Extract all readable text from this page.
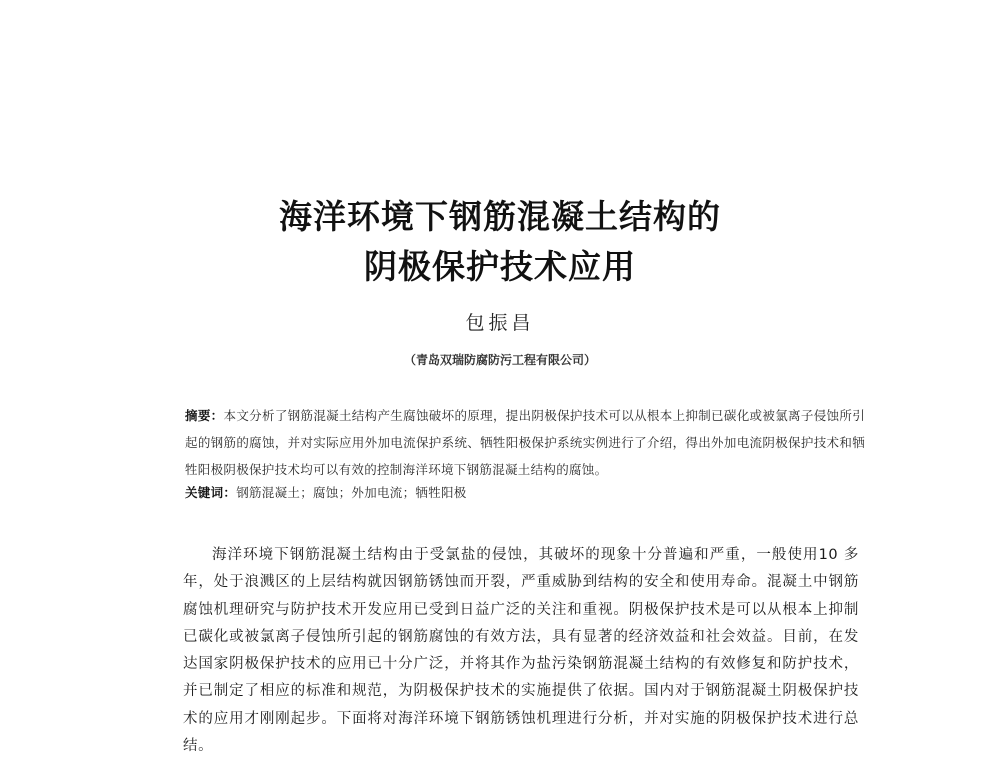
海洋环境下钢筋混凝土结构的
阴极保护技术应用
包振昌
（青岛双瑞防腐防污工程有限公司）
摘要：本文分析了钢筋混凝土结构产生腐蚀破坏的原理，提出阴极保护技术可以从根本上抑制已碳化或被氯离子侵蚀所引起的钢筋的腐蚀，并对实际应用外加电流保护系统、牺牲阳极保护系统实例进行了介绍，得出外加电流阴极保护技术和牺牲阳极阴极保护技术均可以有效的控制海洋环境下钢筋混凝土结构的腐蚀。
关键词：钢筋混凝土；腐蚀；外加电流；牺牲阳极

海洋环境下钢筋混凝土结构由于受氯盐的侵蚀，其破坏的现象十分普遍和严重，一般使用10 多年，处于浪溅区的上层结构就因钢筋锈蚀而开裂，严重威胁到结构的安全和使用寿命。混凝土中钢筋腐蚀机理研究与防护技术开发应用已受到日益广泛的关注和重视。阴极保护技术是可以从根本上抑制已碳化或被氯离子侵蚀所引起的钢筋腐蚀的有效方法，具有显著的经济效益和社会效益。目前，在发达国家阴极保护技术的应用已十分广泛，并将其作为盐污染钢筋混凝土结构的有效修复和防护技术，并已制定了相应的标准和规范，为阴极保护技术的实施提供了依据。国内对于钢筋混凝土阴极保护技术的应用才刚刚起步。下面将对海洋环境下钢筋锈蚀机理进行分析，并对实施的阴极保护技术进行总结。
